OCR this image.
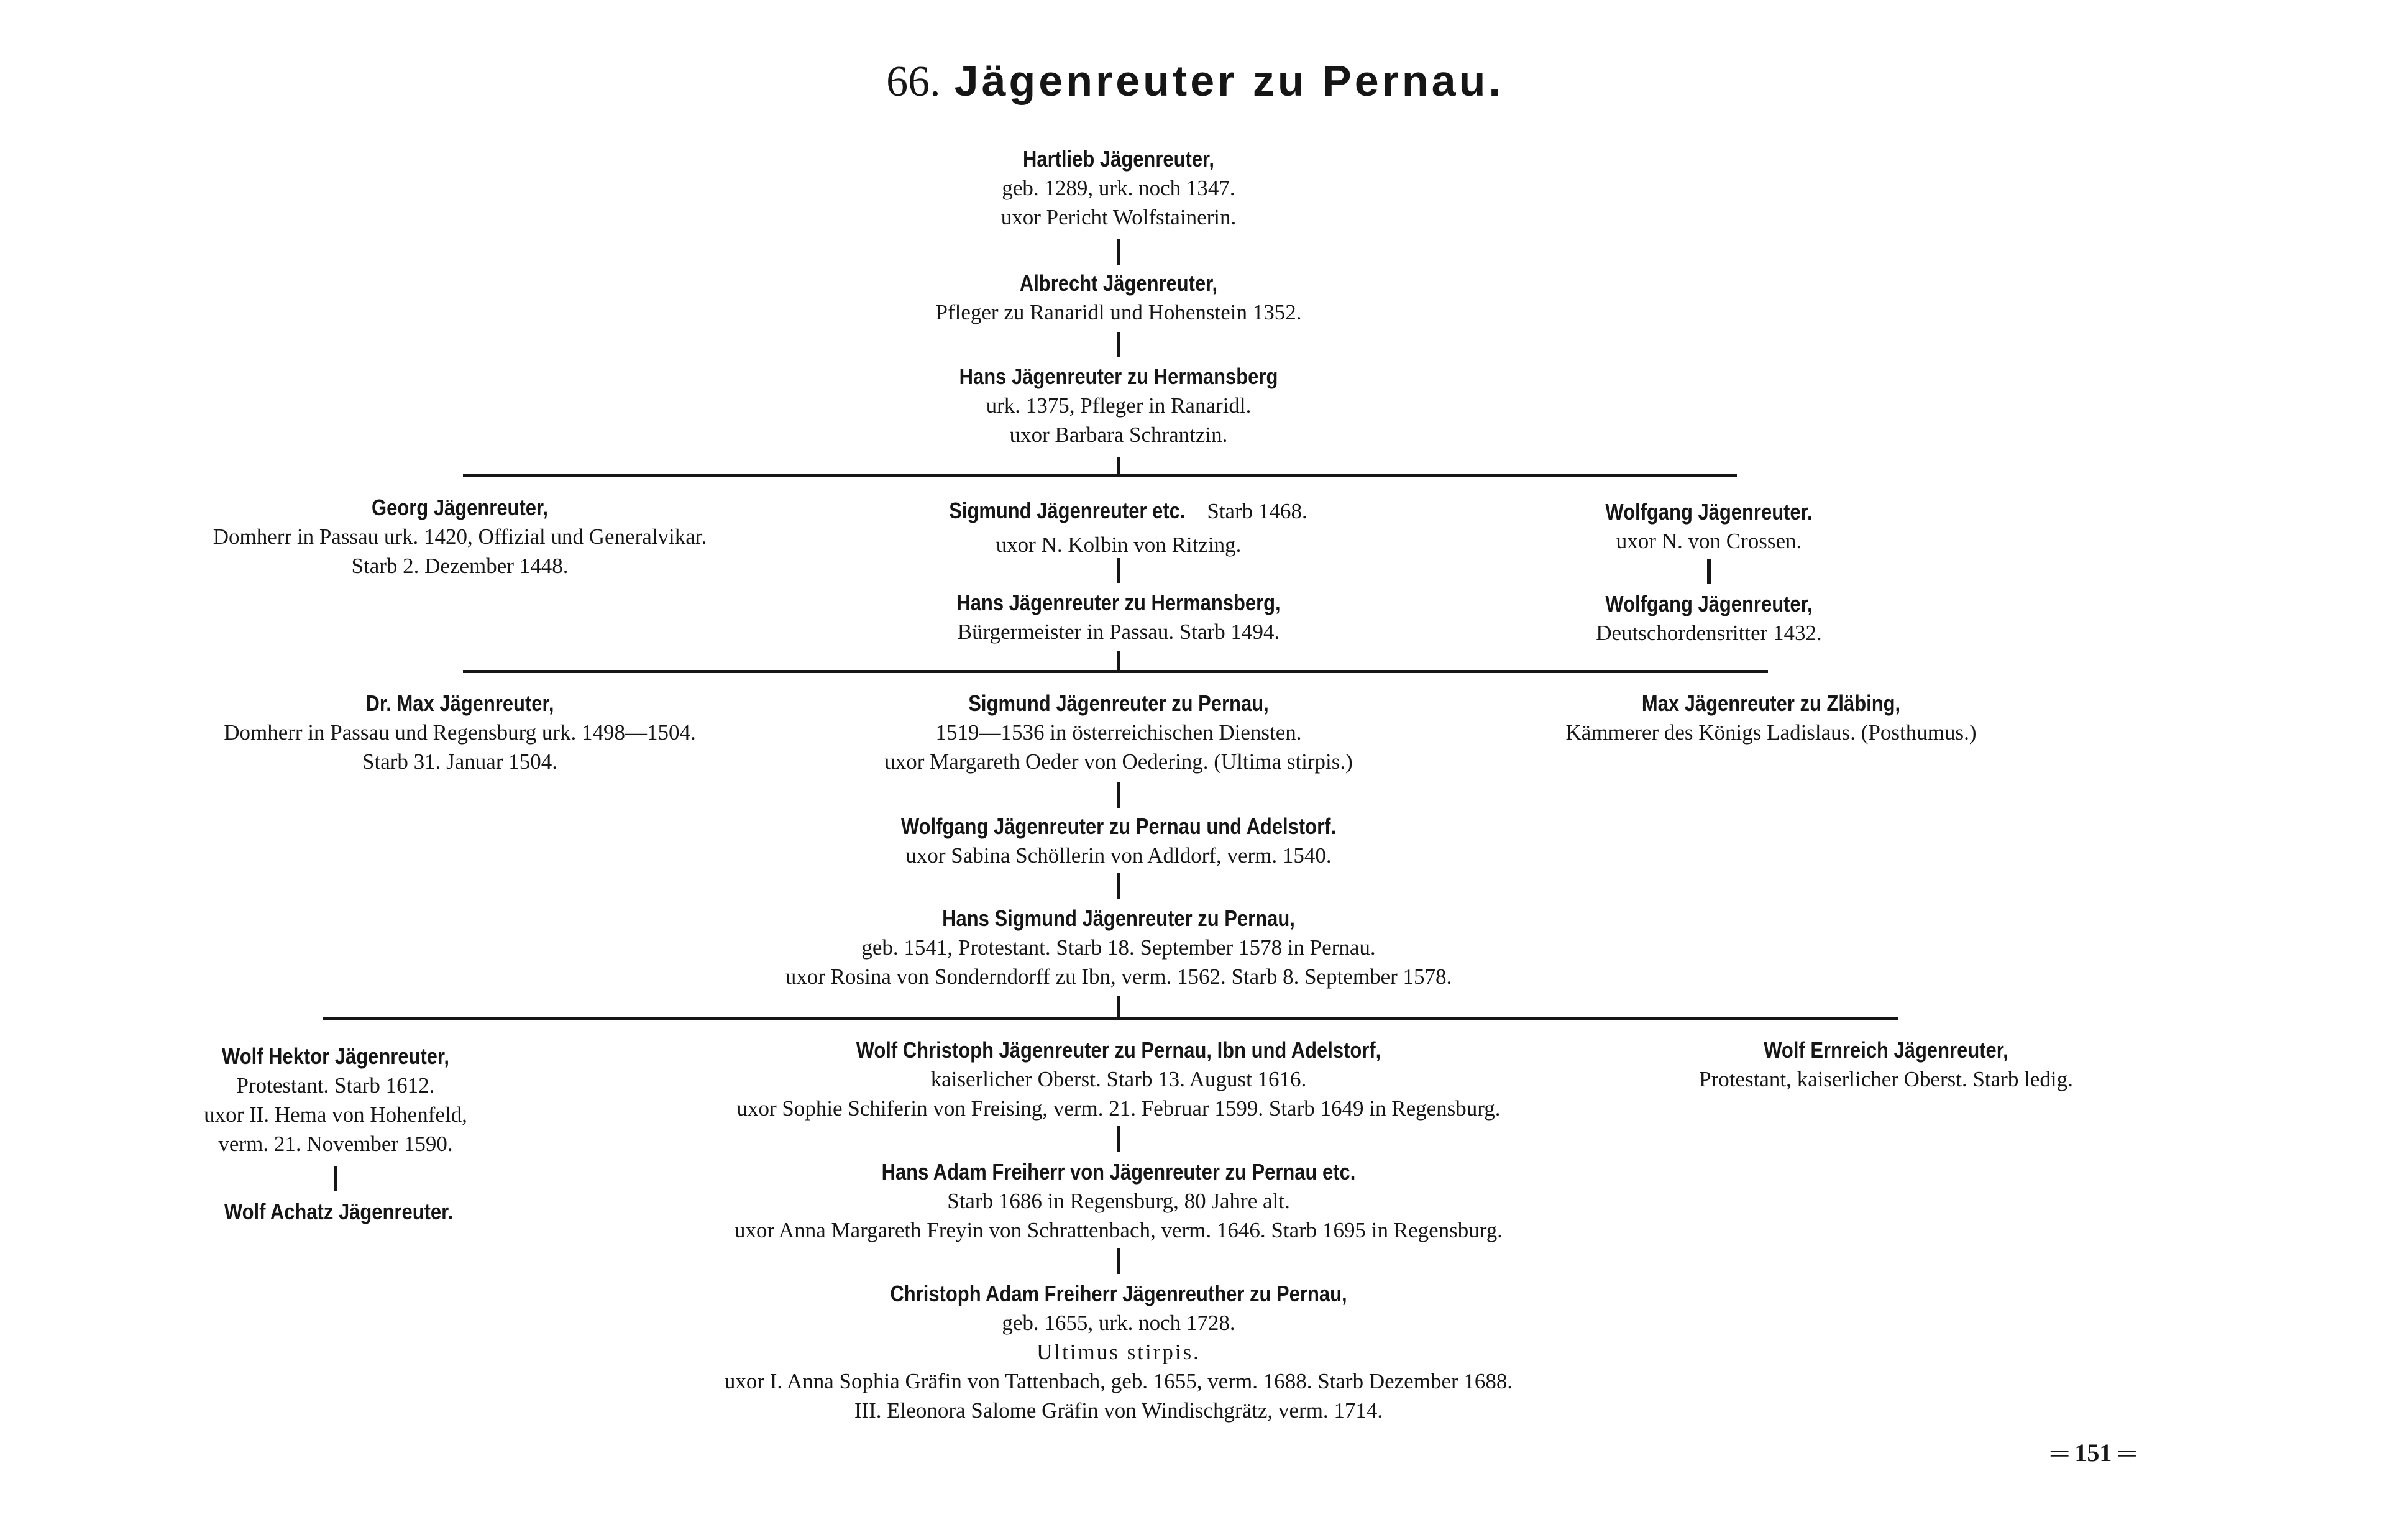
66. Jägenreuter zu Pernau.
Hartlieb Jägenreuter,
geb. 1289, urk. noch 1347.
uxor Pericht Wolfstainerin.
Albrecht Jägenreuter,
Pfleger zu Ranaridl und Hohenstein 1352.
Hans Jägenreuter zu Hermansberg
urk. 1375, Pfleger in Ranaridl.
uxor Barbara Schrantzin.
Georg Jägenreuter,
Domherr in Passau urk. 1420, Offizial und Generalvikar.
Starb 2. Dezember 1448.
Sigmund Jägenreuter etc. Starb 1468.
uxor N. Kolbin von Ritzing.
Wolfgang Jägenreuter.
uxor N. von Crossen.
Hans Jägenreuter zu Hermansberg,
Bürgermeister in Passau. Starb 1494.
Wolfgang Jägenreuter,
Deutschordensritter 1432.
Dr. Max Jägenreuter,
Domherr in Passau und Regensburg urk. 1498—1504.
Starb 31. Januar 1504.
Sigmund Jägenreuter zu Pernau,
1519—1536 in österreichischen Diensten.
uxor Margareth Oeder von Oedering. (Ultima stirpis.)
Max Jägenreuter zu Zläbing,
Kämmerer des Königs Ladislaus. (Posthumus.)
Wolfgang Jägenreuter zu Pernau und Adelstorf.
uxor Sabina Schöllerin von Adldorf, verm. 1540.
Hans Sigmund Jägenreuter zu Pernau,
geb. 1541, Protestant. Starb 18. September 1578 in Pernau.
uxor Rosina von Sonderndorff zu Ibn, verm. 1562. Starb 8. September 1578.
Wolf Hektor Jägenreuter,
Protestant. Starb 1612.
uxor II. Hema von Hohenfeld,
verm. 21. November 1590.
Wolf Christoph Jägenreuter zu Pernau, Ibn und Adelstorf,
kaiserlicher Oberst. Starb 13. August 1616.
uxor Sophie Schiferin von Freising, verm. 21. Februar 1599. Starb 1649 in Regensburg.
Wolf Ernreich Jägenreuter,
Protestant, kaiserlicher Oberst. Starb ledig.
Wolf Achatz Jägenreuter.
Hans Adam Freiherr von Jägenreuter zu Pernau etc.
Starb 1686 in Regensburg, 80 Jahre alt.
uxor Anna Margareth Freyin von Schrattenbach, verm. 1646. Starb 1695 in Regensburg.
Christoph Adam Freiherr Jägenreuther zu Pernau,
geb. 1655, urk. noch 1728.
Ultimus stirpis.
uxor I. Anna Sophia Gräfin von Tattenbach, geb. 1655, verm. 1688. Starb Dezember 1688.
III. Eleonora Salome Gräfin von Windischgrätz, verm. 1714.
═ 151 ═
